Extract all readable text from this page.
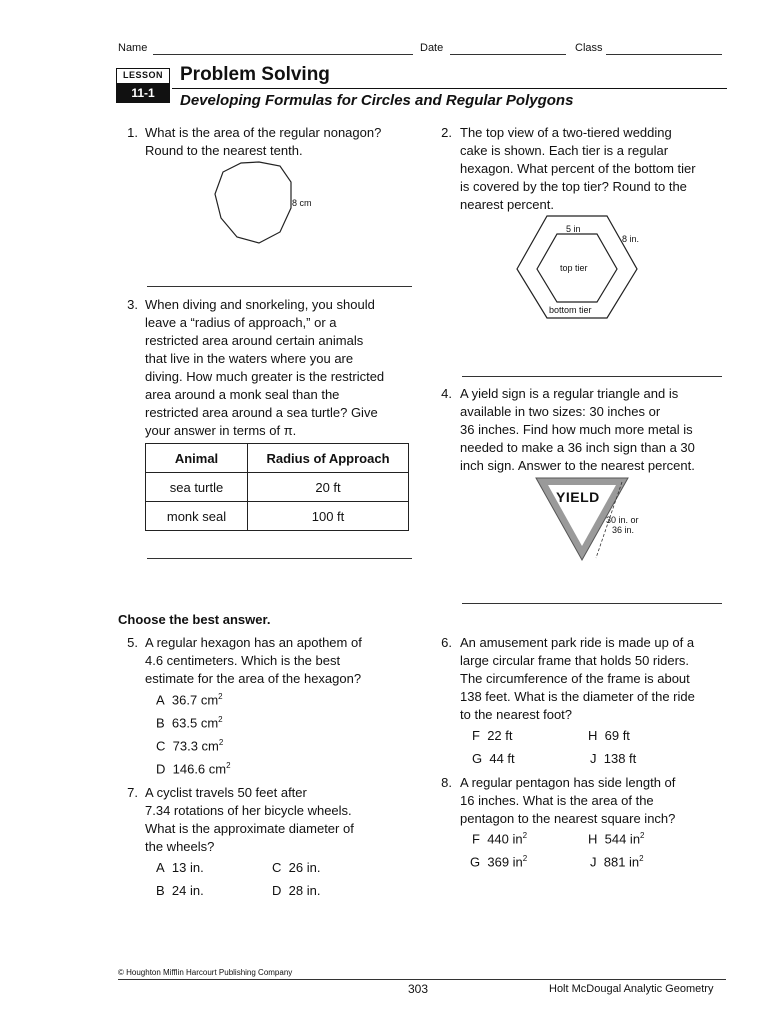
Name	Date	Class
LESSON
11-1
Problem Solving
Developing Formulas for Circles and Regular Polygons
1. What is the area of the regular nonagon?
Round to the nearest tenth.
8 cm
2. The top view of a two-tiered wedding
cake is shown. Each tier is a regular
hexagon. What percent of the bottom tier
is covered by the top tier? Round to the
nearest percent.
5 in
8 in.
top tier
bottom tier
3. When diving and snorkeling, you should
leave a “radius of approach,” or a
restricted area around certain animals
that live in the waters where you are
diving. How much greater is the restricted
area around a monk seal than the
restricted area around a sea turtle? Give
your answer in terms of π.
Animal	Radius of Approach
sea turtle	20 ft
monk seal	100 ft
4. A yield sign is a regular triangle and is
available in two sizes: 30 inches or
36 inches. Find how much more metal is
needed to make a 36 inch sign than a 30
inch sign. Answer to the nearest percent.
YIELD
30 in. or
36 in.
Choose the best answer.
5. A regular hexagon has an apothem of
4.6 centimeters. Which is the best
estimate for the area of the hexagon?
A 36.7 $cm^2$
B 63.5 $cm^2$
C 73.3 $cm^2$
D 146.6 $cm^2$
6. An amusement park ride is made up of a
large circular frame that holds 50 riders.
The circumference of the frame is about
138 feet. What is the diameter of the ride
to the nearest foot?
F 22 ft	H 69 ft
G 44 ft	J 138 ft
7. A cyclist travels 50 feet after
7.34 rotations of her bicycle wheels.
What is the approximate diameter of
the wheels?
A 13 in.	C 26 in.
B 24 in.	D 28 in.
8. A regular pentagon has side length of
16 inches. What is the area of the
pentagon to the nearest square inch?
F 440 $in^2$	H 544 $in^2$
G 369 $in^2$	J 881 $in^2$
© Houghton Mifflin Harcourt Publishing Company
303	Holt McDougal Analytic Geometry
